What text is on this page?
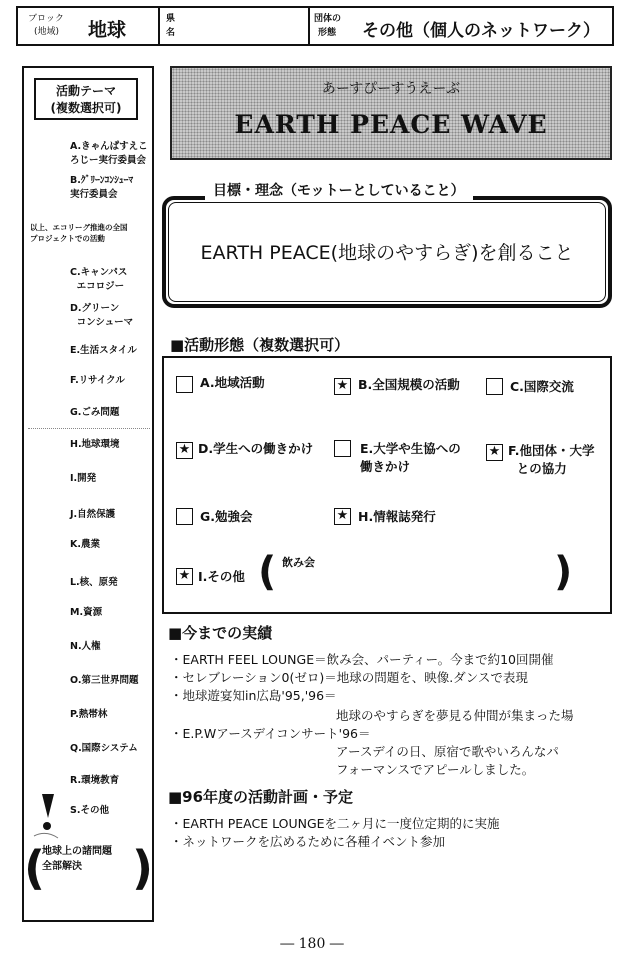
ブロック
(地域) 地球	県
名
団体の
形態 その他（個人のネットワーク）
活動テーマ
(複数選択可)
A.きゃんぱすえこ
ろじー実行委員会
B.ｸﾞﾘｰﾝｺﾝｼｭｰﾏ
実行委員会
以上、エコリーグ推進の全国
プロジェクトでの活動
C.キャンパス
エコロジー
D.グリーン
コンシューマ
E.生活スタイル
F.リサイクル
G.ごみ問題
H.地球環境
I.開発
J.自然保護
K.農業
L.核、原発
M.資源
N.人権
O.第三世界問題
P.熱帯林
Q.国際システム
R.環境教育
S.その他
(
地球上の諸問題
全部解決	)
あーすぴーすうえーぶ
EARTH PEACE WAVE
目標・理念（モットーとしていること）
EARTH PEACE(地球のやすらぎ)を創ること
■活動形態（複数選択可）
A.地域活動	★ B.全国規模の活動	C.国際交流
★ D.学生への働きかけ	E.大学や生協への
働きかけ
★ F.他団体・大学
との協力
G.勉強会	★ H.情報誌発行
★ I.その他 ( 飲み会	)
■今までの実績
・EARTH FEEL LOUNGE＝飲み会、パーティー。今まで約10回開催
・セレブレーション0(ゼロ)＝地球の問題を、映像.ダンスで表現
・地球遊宴知in広島'95,'96＝
地球のやすらぎを夢見る仲間が集まった場
・E.P.Wアースデイコンサート'96＝
アースデイの日、原宿で歌やいろんなパ
フォーマンスでアピールしました。
■96年度の活動計画・予定
・EARTH PEACE LOUNGEを二ヶ月に一度位定期的に実施
・ネットワークを広めるために各種イベント参加
― 180 ―
